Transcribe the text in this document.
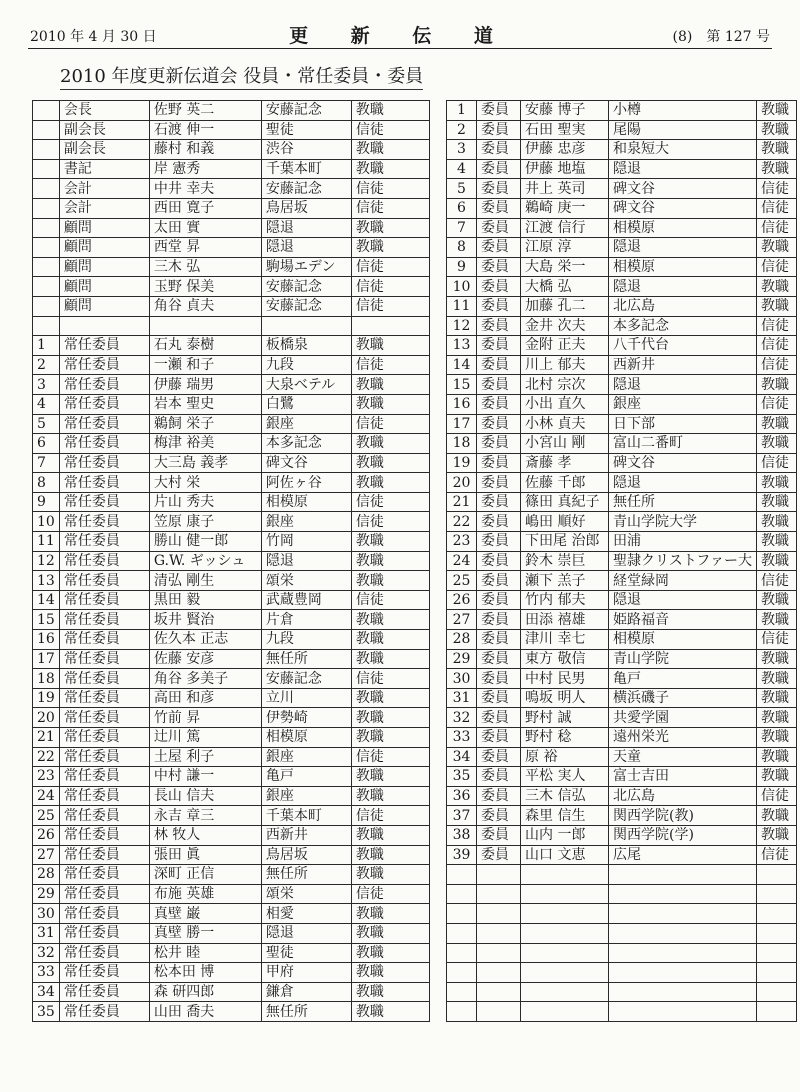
2010 年 4 月 30 日	更 新 伝 道	(8)　第 127 号
2010 年度更新伝道会 役員・常任委員・委員
	会長	佐野 英二	安藤記念	教職
	副会長	石渡 伸一	聖徒	信徒
	副会長	藤村 和義	渋谷	教職
	書記	岸 憲秀	千葉本町	教職
	会計	中井 幸夫	安藤記念	信徒
	会計	西田 寛子	鳥居坂	信徒
	顧問	太田 實	隠退	教職
	顧問	西堂 昇	隠退	教職
	顧問	三木 弘	駒場エデン	信徒
	顧問	玉野 保美	安藤記念	信徒
	顧問	角谷 貞夫	安藤記念	信徒

1	常任委員	石丸 泰樹	板橋泉	教職
2	常任委員	一瀬 和子	九段	信徒
3	常任委員	伊藤 瑞男	大泉ベテル	教職
4	常任委員	岩本 聖史	白鷺	教職
5	常任委員	鵜飼 栄子	銀座	信徒
6	常任委員	梅津 裕美	本多記念	教職
7	常任委員	大三島 義孝	碑文谷	教職
8	常任委員	大村 栄	阿佐ヶ谷	教職
9	常任委員	片山 秀夫	相模原	信徒
10	常任委員	笠原 康子	銀座	信徒
11	常任委員	勝山 健一郎	竹岡	教職
12	常任委員	G.W. ギッシュ	隠退	教職
13	常任委員	清弘 剛生	頌栄	教職
14	常任委員	黒田 毅	武蔵豊岡	信徒
15	常任委員	坂井 賢治	片倉	教職
16	常任委員	佐久本 正志	九段	教職
17	常任委員	佐藤 安彦	無任所	教職
18	常任委員	角谷 多美子	安藤記念	信徒
19	常任委員	高田 和彦	立川	教職
20	常任委員	竹前 昇	伊勢崎	教職
21	常任委員	辻川 篤	相模原	教職
22	常任委員	土屋 利子	銀座	信徒
23	常任委員	中村 謙一	亀戸	教職
24	常任委員	長山 信夫	銀座	教職
25	常任委員	永吉 章三	千葉本町	信徒
26	常任委員	林 牧人	西新井	教職
27	常任委員	張田 眞	鳥居坂	教職
28	常任委員	深町 正信	無任所	教職
29	常任委員	布施 英雄	頌栄	信徒
30	常任委員	真壁 巌	相愛	教職
31	常任委員	真壁 勝一	隠退	教職
32	常任委員	松井 睦	聖徒	教職
33	常任委員	松本田 博	甲府	教職
34	常任委員	森 研四郎	鎌倉	教職
35	常任委員	山田 喬夫	無任所	教職
1	委員	安藤 博子	小樽	教職
2	委員	石田 聖実	尾陽	教職
3	委員	伊藤 忠彦	和泉短大	教職
4	委員	伊藤 地塩	隠退	教職
5	委員	井上 英司	碑文谷	信徒
6	委員	鵜崎 庚一	碑文谷	信徒
7	委員	江渡 信行	相模原	信徒
8	委員	江原 淳	隠退	教職
9	委員	大島 栄一	相模原	信徒
10	委員	大橋 弘	隠退	教職
11	委員	加藤 孔二	北広島	教職
12	委員	金井 次夫	本多記念	信徒
13	委員	金附 正夫	八千代台	信徒
14	委員	川上 郁夫	西新井	信徒
15	委員	北村 宗次	隠退	教職
16	委員	小出 直久	銀座	信徒
17	委員	小林 貞夫	日下部	教職
18	委員	小宮山 剛	富山二番町	教職
19	委員	斎藤 孝	碑文谷	信徒
20	委員	佐藤 千郎	隠退	教職
21	委員	篠田 真紀子	無任所	教職
22	委員	嶋田 順好	青山学院大学	教職
23	委員	下田尾 治郎	田浦	教職
24	委員	鈴木 崇巨	聖隷クリストファー大	教職
25	委員	瀬下 羔子	経堂緑岡	信徒
26	委員	竹内 郁夫	隠退	教職
27	委員	田添 禧雄	姫路福音	教職
28	委員	津川 幸七	相模原	信徒
29	委員	東方 敬信	青山学院	教職
30	委員	中村 民男	亀戸	教職
31	委員	鳴坂 明人	横浜磯子	教職
32	委員	野村 誠	共愛学園	教職
33	委員	野村 稔	遠州栄光	教職
34	委員	原 裕	天童	教職
35	委員	平松 実人	富士吉田	教職
36	委員	三木 信弘	北広島	信徒
37	委員	森里 信生	関西学院(教)	教職
38	委員	山内 一郎	関西学院(学)	教職
39	委員	山口 文恵	広尾	信徒
